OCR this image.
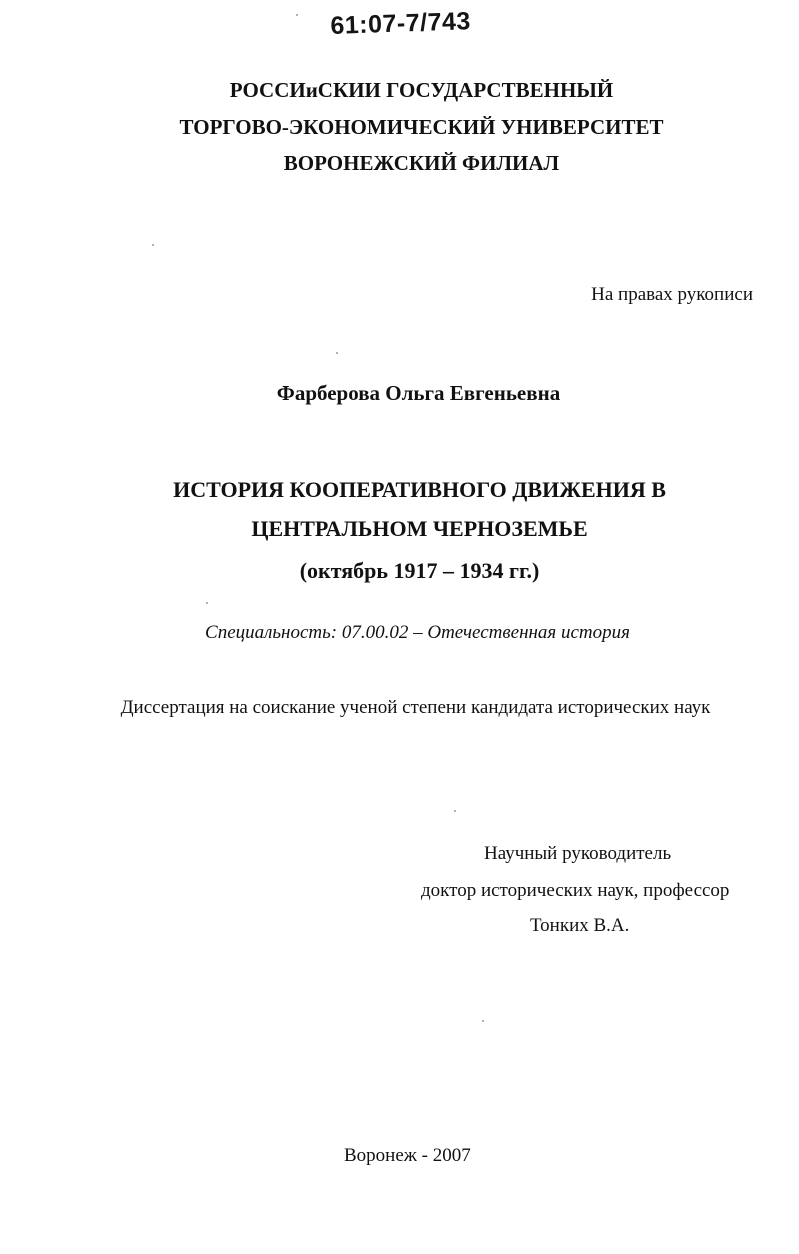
61:07-7/743
РОССИиСКИИ ГОСУДАРСТВЕННЫЙ
ТОРГОВО-ЭКОНОМИЧЕСКИЙ УНИВЕРСИТЕТ
ВОРОНЕЖСКИЙ ФИЛИАЛ
На правах рукописи
Фарберова Ольга Евгеньевна
ИСТОРИЯ КООПЕРАТИВНОГО ДВИЖЕНИЯ В
ЦЕНТРАЛЬНОМ ЧЕРНОЗЕМЬЕ
(октябрь 1917 – 1934 гг.)
Специальность: 07.00.02 – Отечественная история
Диссертация на соискание ученой степени кандидата исторических наук
Научный руководитель
доктор исторических наук, профессор
Тонких В.А.
Воронеж - 2007
